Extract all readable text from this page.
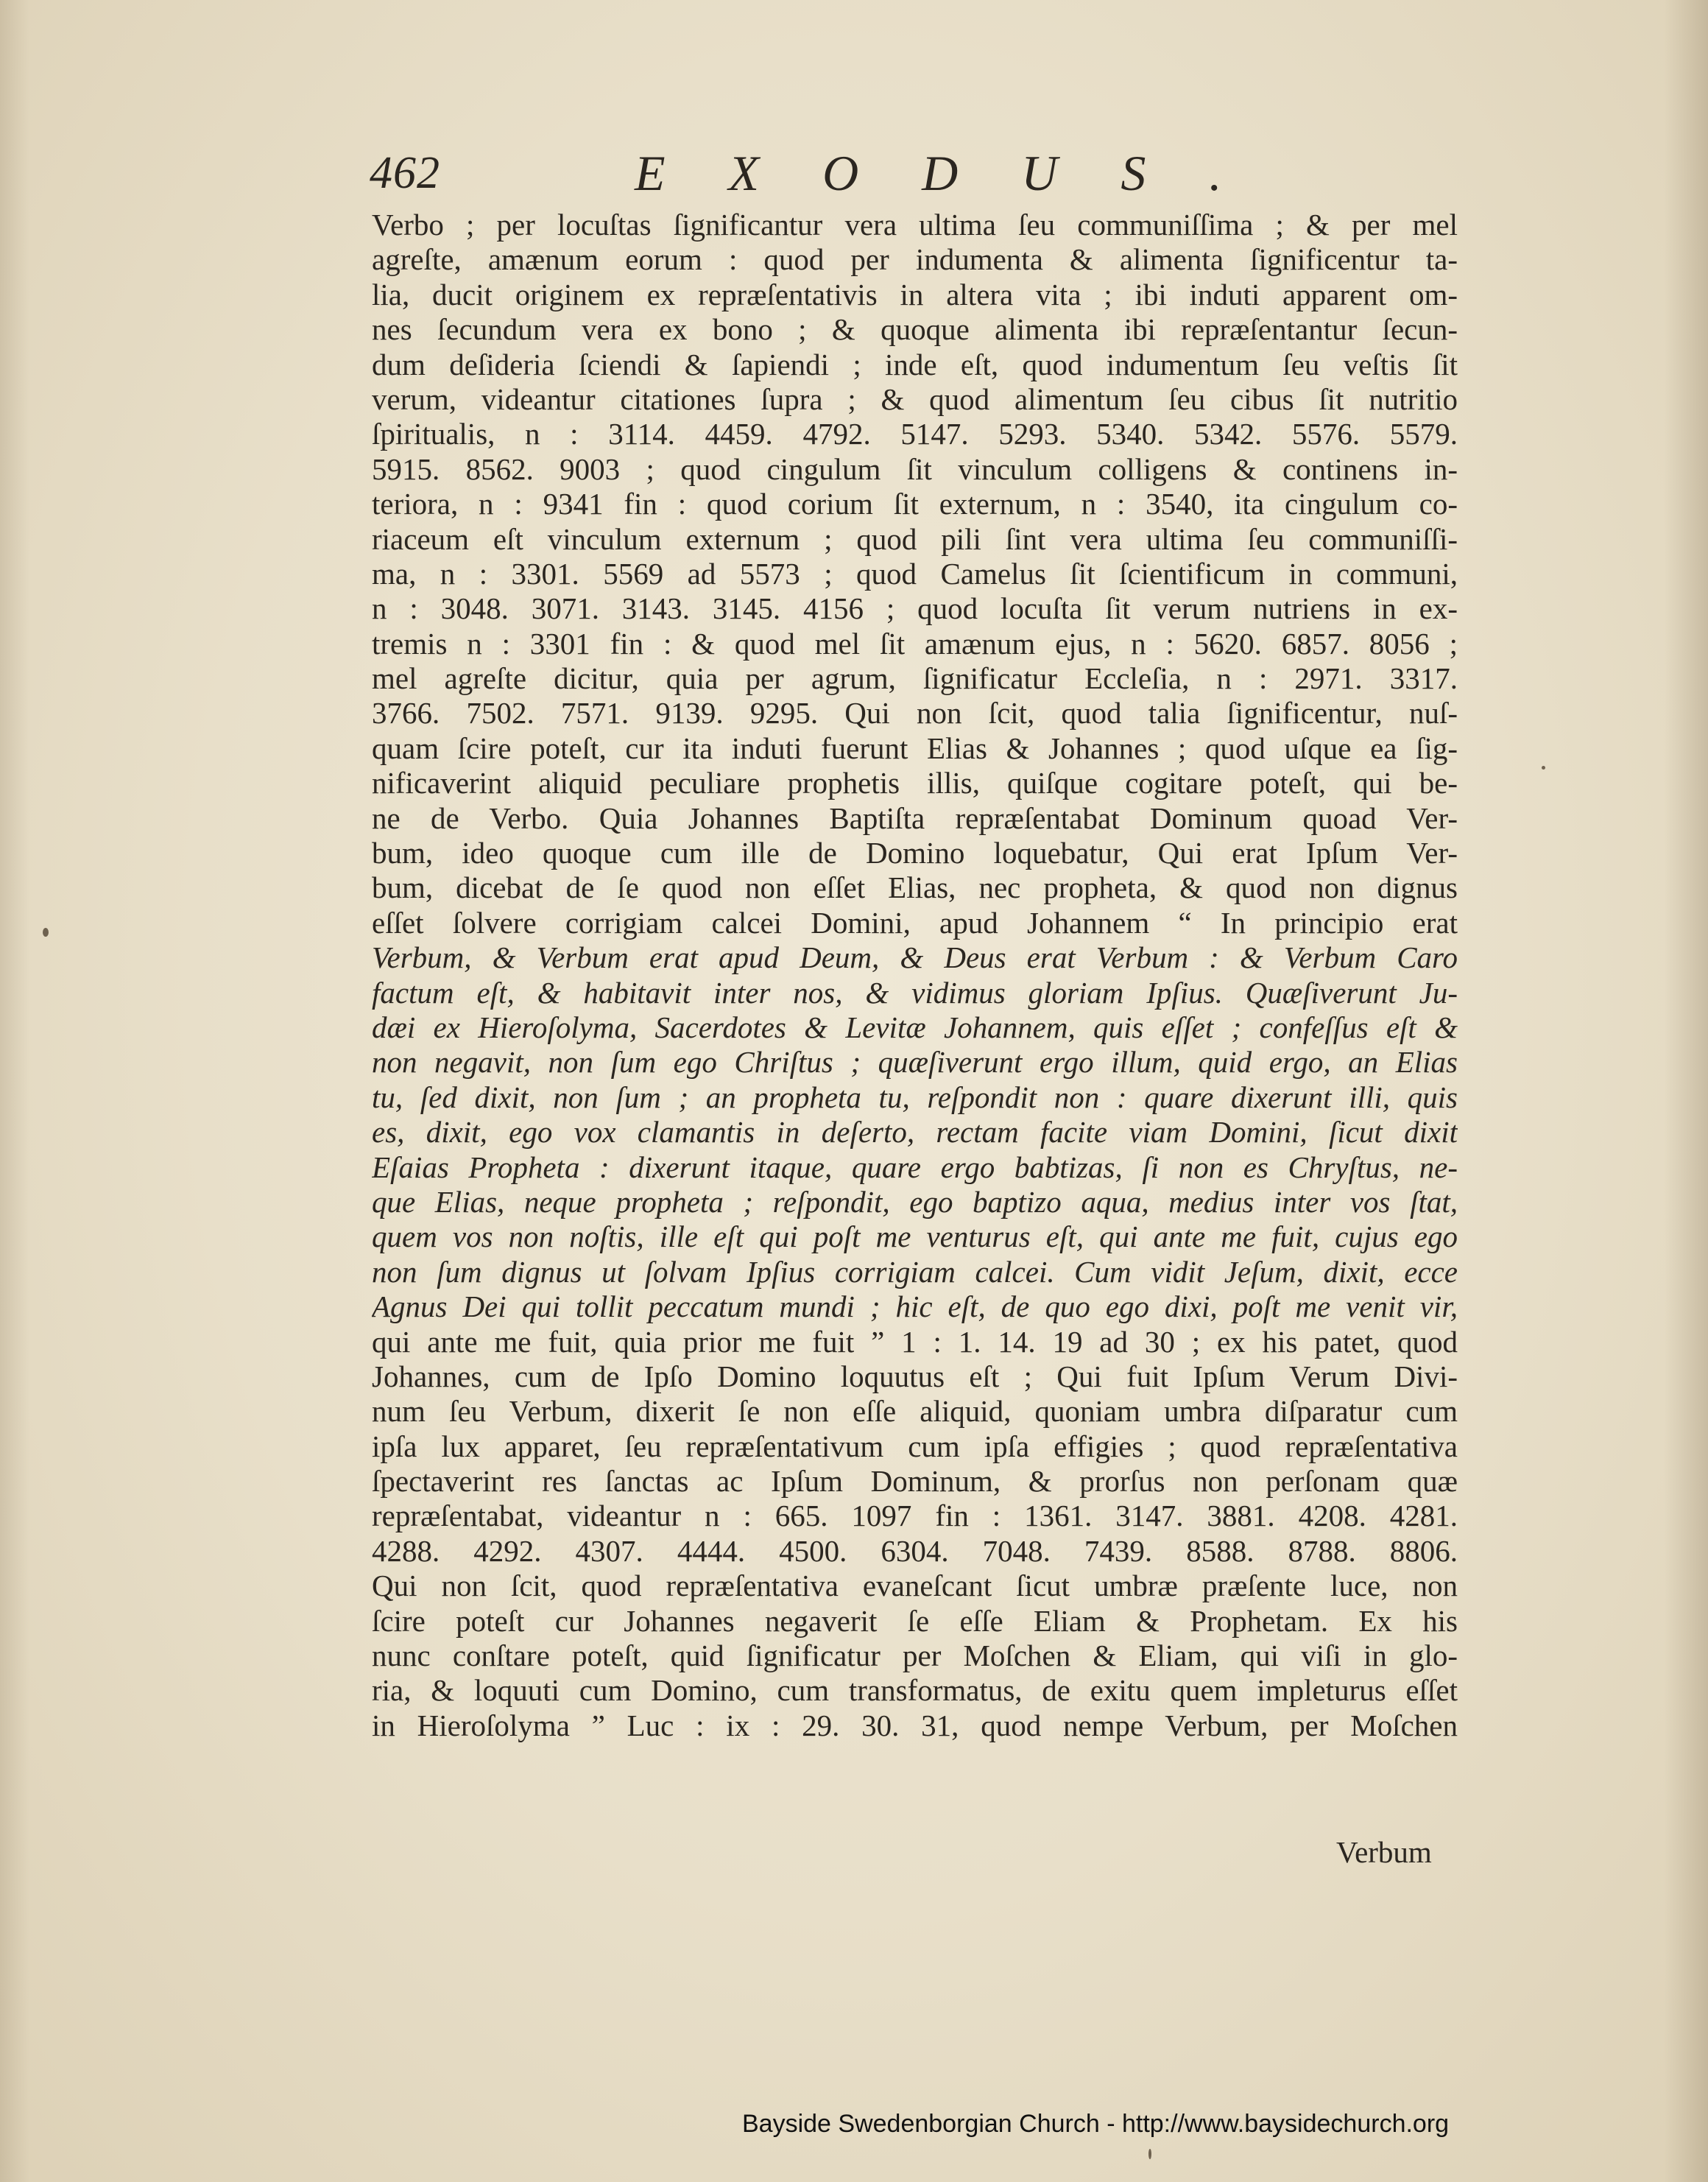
462	EXODUS.
Verbo ; per locuſtas ſignificantur vera ultima ſeu communiſſima ; & per mel
agreſte, amænum eorum : quod per indumenta & alimenta ſignificentur ta-
lia, ducit originem ex repræſentativis in altera vita ; ibi induti apparent om-
nes ſecundum vera ex bono ; & quoque alimenta ibi repræſentantur ſecun-
dum deſideria ſciendi & ſapiendi ; inde eſt, quod indumentum ſeu veſtis ſit
verum, videantur citationes ſupra ; & quod alimentum ſeu cibus ſit nutritio
ſpiritualis, n : 3114. 4459. 4792. 5147. 5293. 5340. 5342. 5576. 5579.
5915. 8562. 9003 ; quod cingulum ſit vinculum colligens & continens in-
teriora, n : 9341 fin : quod corium ſit externum, n : 3540, ita cingulum co-
riaceum eſt vinculum externum ; quod pili ſint vera ultima ſeu communiſſi-
ma, n : 3301. 5569 ad 5573 ; quod Camelus ſit ſcientificum in communi,
n : 3048. 3071. 3143. 3145. 4156 ; quod locuſta ſit verum nutriens in ex-
tremis n : 3301 fin : & quod mel ſit amænum ejus, n : 5620. 6857. 8056 ;
mel agreſte dicitur, quia per agrum, ſignificatur Eccleſia, n : 2971. 3317.
3766. 7502. 7571. 9139. 9295. Qui non ſcit, quod talia ſignificentur, nuſ-
quam ſcire poteſt, cur ita induti fuerunt Elias & Johannes ; quod uſque ea ſig-
nificaverint aliquid peculiare prophetis illis, quiſque cogitare poteſt, qui be-
ne de Verbo. Quia Johannes Baptiſta repræſentabat Dominum quoad Ver-
bum, ideo quoque cum ille de Domino loquebatur, Qui erat Ipſum Ver-
bum, dicebat de ſe quod non eſſet Elias, nec propheta, & quod non dignus
eſſet ſolvere corrigiam calcei Domini, apud Johannem “ In principio erat
Verbum, & Verbum erat apud Deum, & Deus erat Verbum : & Verbum Caro
factum eſt, & habitavit inter nos, & vidimus gloriam Ipſius. Quæſiverunt Ju-
dæi ex Hieroſolyma, Sacerdotes & Levitæ Johannem, quis eſſet ; confeſſus eſt &
non negavit, non ſum ego Chriſtus ; quæſiverunt ergo illum, quid ergo, an Elias
tu, ſed dixit, non ſum ; an propheta tu, reſpondit non : quare dixerunt illi, quis
es, dixit, ego vox clamantis in deſerto, rectam facite viam Domini, ſicut dixit
Eſaias Propheta : dixerunt itaque, quare ergo babtizas, ſi non es Chryſtus, ne-
que Elias, neque propheta ; reſpondit, ego baptizo aqua, medius inter vos ſtat,
quem vos non noſtis, ille eſt qui poſt me venturus eſt, qui ante me fuit, cujus ego
non ſum dignus ut ſolvam Ipſius corrigiam calcei. Cum vidit Jeſum, dixit, ecce
Agnus Dei qui tollit peccatum mundi ; hic eſt, de quo ego dixi, poſt me venit vir,
qui ante me fuit, quia prior me fuit ” 1 : 1. 14. 19 ad 30 ; ex his patet, quod
Johannes, cum de Ipſo Domino loquutus eſt ; Qui fuit Ipſum Verum Divi-
num ſeu Verbum, dixerit ſe non eſſe aliquid, quoniam umbra diſparatur cum
ipſa lux apparet, ſeu repræſentativum cum ipſa effigies ; quod repræſentativa
ſpectaverint res ſanctas ac Ipſum Dominum, & prorſus non perſonam quæ
repræſentabat, videantur n : 665. 1097 fin : 1361. 3147. 3881. 4208. 4281.
4288. 4292. 4307. 4444. 4500. 6304. 7048. 7439. 8588. 8788. 8806.
Qui non ſcit, quod repræſentativa evaneſcant ſicut umbræ præſente luce, non
ſcire poteſt cur Johannes negaverit ſe eſſe Eliam & Prophetam. Ex his
nunc conſtare poteſt, quid ſignificatur per Moſchen & Eliam, qui viſi in glo-
ria, & loquuti cum Domino, cum transformatus, de exitu quem impleturus eſſet
in Hieroſolyma ” Luc : ix : 29. 30. 31, quod nempe Verbum, per Moſchen
Verbum
Bayside Swedenborgian Church - http://www.baysidechurch.org
